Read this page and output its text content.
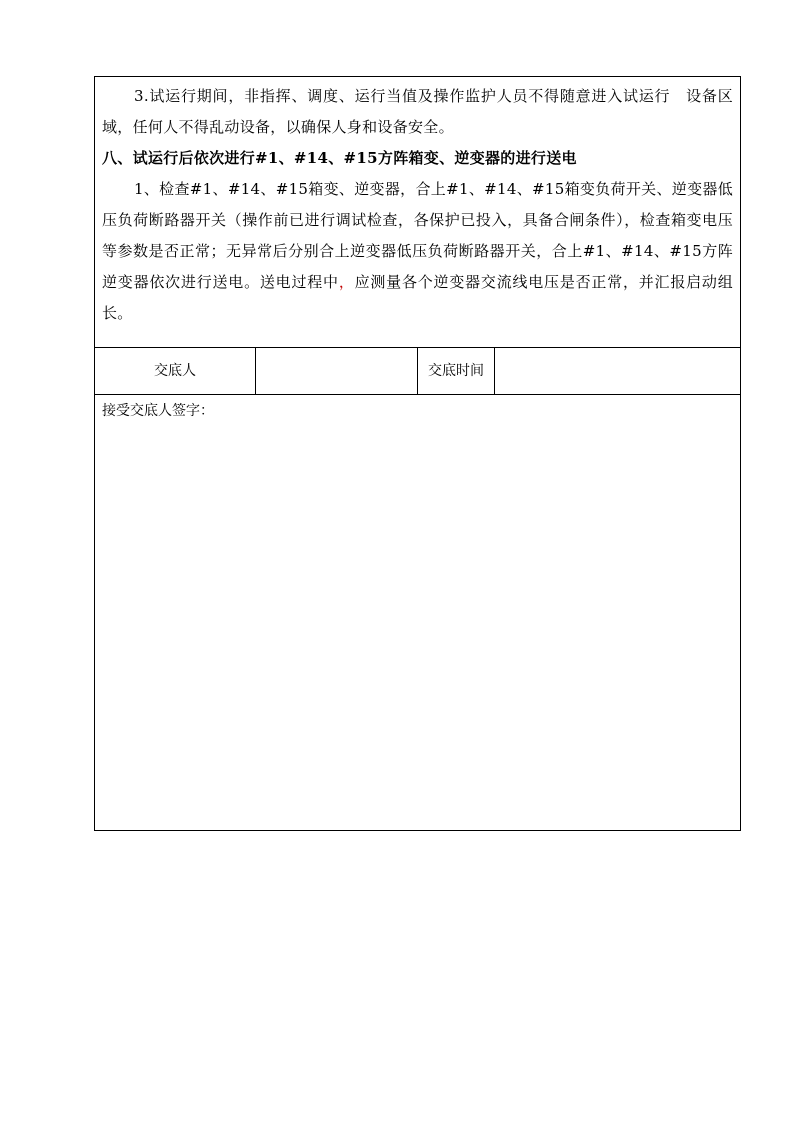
3.试运行期间，非指挥、调度、运行当值及操作监护人员不得随意进入试运行　设备区域，任何人不得乱动设备，以确保人身和设备安全。

八、试运行后依次进行#1、#14、#15方阵箱变、逆变器的进行送电

1、检查#1、#14、#15箱变、逆变器，合上#1、#14、#15箱变负荷开关、逆变器低压负荷断路器开关（操作前已进行调试检查，各保护已投入，具备合闸条件），检查箱变电压等参数是否正常；无异常后分别合上逆变器低压负荷断路器开关，合上#1、#14、#15方阵逆变器依次进行送电。送电过程中，应测量各个逆变器交流线电压是否正常，并汇报启动组长。

交底人	交底时间
接受交底人签字：
